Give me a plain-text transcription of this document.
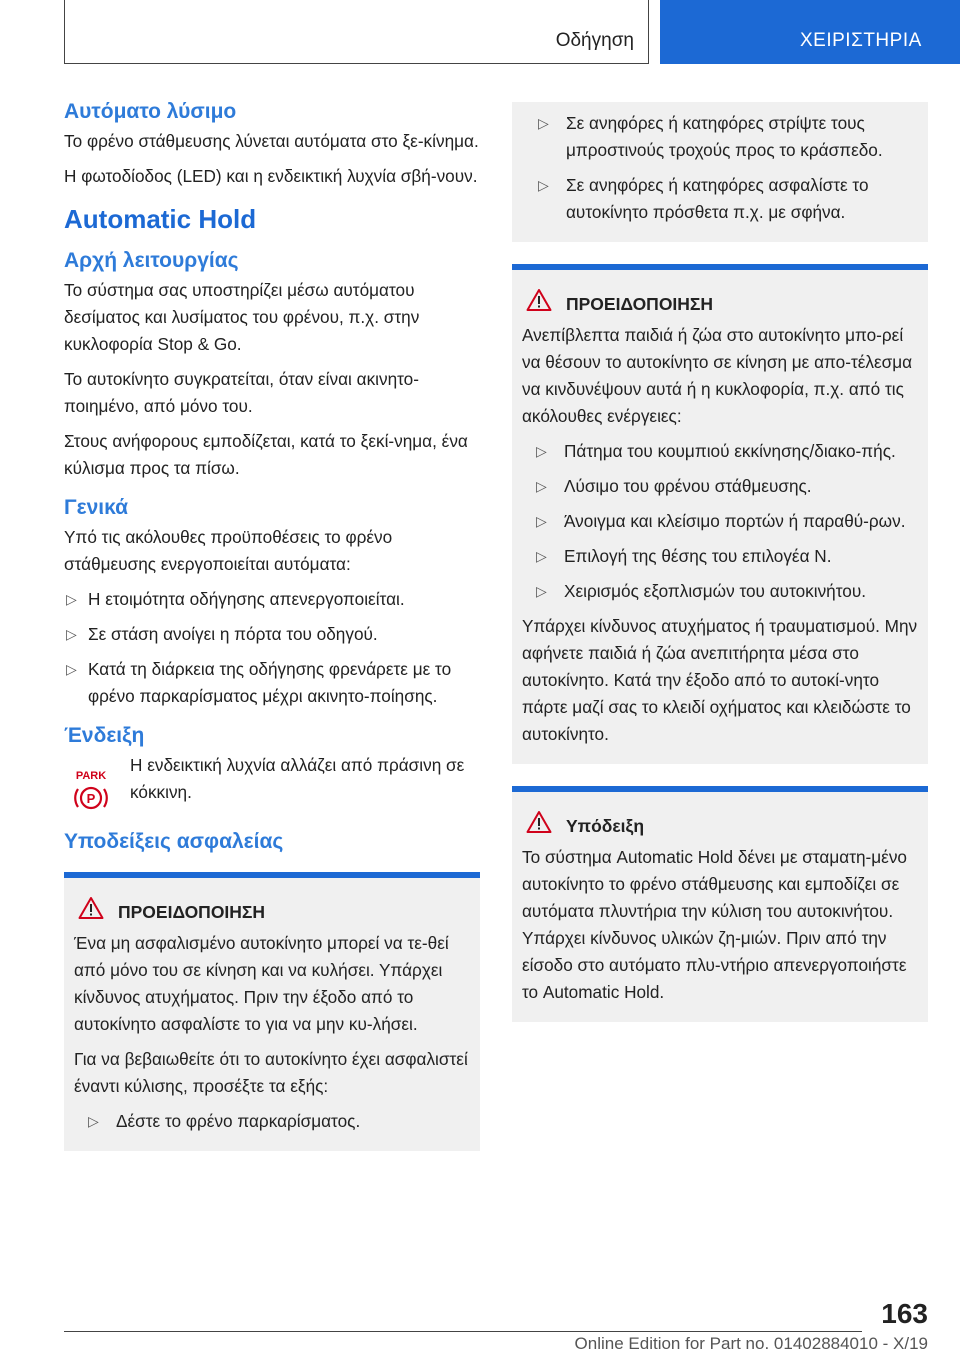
Οδήγηση	ΧΕΙΡΙΣΤΗΡΙΑ
Αυτόματο λύσιμο

Το φρένο στάθμευσης λύνεται αυτόματα στο ξε-κίνημα.

Η φωτοδίοδος (LED) και η ενδεικτική λυχνία σβή-νουν.

Automatic Hold
Αρχή λειτουργίας

Το σύστημα σας υποστηρίζει μέσω αυτόματου δεσίματος και λυσίματος του φρένου, π.χ. στην κυκλοφορία Stop & Go.

Το αυτοκίνητο συγκρατείται, όταν είναι ακινητο-ποιημένο, από μόνο του.

Στους ανήφορους εμποδίζεται, κατά το ξεκί-νημα, ένα κύλισμα προς τα πίσω.

Γενικά

Υπό τις ακόλουθες προϋποθέσεις το φρένο στάθμευσης ενεργοποιείται αυτόματα:

▷ Η ετοιμότητα οδήγησης απενεργοποιείται.
▷ Σε στάση ανοίγει η πόρτα του οδηγού.
▷ Κατά τη διάρκεια της οδήγησης φρενάρετε με το φρένο παρκαρίσματος μέχρι ακινητο-ποίησης.
Ένδειξη
PARK
P

Η ενδεικτική λυχνία αλλάζει από πράσινη σε κόκκινη.

Υποδείξεις ασφαλείας
ΠΡΟΕΙΔΟΠΟΙΗΣΗ

Ένα μη ασφαλισμένο αυτοκίνητο μπορεί να τε-θεί από μόνο του σε κίνηση και να κυλήσει. Υπάρχει κίνδυνος ατυχήματος. Πριν την έξοδο από το αυτοκίνητο ασφαλίστε το για να μην κυ-λήσει.

Για να βεβαιωθείτε ότι το αυτοκίνητο έχει ασφαλιστεί έναντι κύλισης, προσέξτε τα εξής:

▷ Δέστε το φρένο παρκαρίσματος.
▷ Σε ανηφόρες ή κατηφόρες στρίψτε τους μπροστινούς τροχούς προς το κράσπεδο.
▷ Σε ανηφόρες ή κατηφόρες ασφαλίστε το αυτοκίνητο πρόσθετα π.χ. με σφήνα.
ΠΡΟΕΙΔΟΠΟΙΗΣΗ

Ανεπίβλεπτα παιδιά ή ζώα στο αυτοκίνητο μπο-ρεί να θέσουν το αυτοκίνητο σε κίνηση με απο-τέλεσμα να κινδυνέψουν αυτά ή η κυκλοφορία, π.χ. από τις ακόλουθες ενέργειες:

▷ Πάτημα του κουμπιού εκκίνησης/διακο-πής.
▷ Λύσιμο του φρένου στάθμευσης.
▷ Άνοιγμα και κλείσιμο πορτών ή παραθύ-ρων.
▷ Επιλογή της θέσης του επιλογέα N.
▷ Χειρισμός εξοπλισμών του αυτοκινήτου.

Υπάρχει κίνδυνος ατυχήματος ή τραυματισμού. Μην αφήνετε παιδιά ή ζώα ανεπιτήρητα μέσα στο αυτοκίνητο. Κατά την έξοδο από το αυτοκί-νητο πάρτε μαζί σας το κλειδί οχήματος και κλειδώστε το αυτοκίνητο.

Υπόδειξη

Το σύστημα Automatic Hold δένει με σταματη-μένο αυτοκίνητο το φρένο στάθμευσης και εμποδίζει σε αυτόματα πλυντήρια την κύλιση του αυτοκινήτου. Υπάρχει κίνδυνος υλικών ζη-μιών. Πριν από την είσοδο στο αυτόματο πλυ-ντήριο απενεργοποιήστε το Automatic Hold.

163
Online Edition for Part no. 01402884010 - X/19
